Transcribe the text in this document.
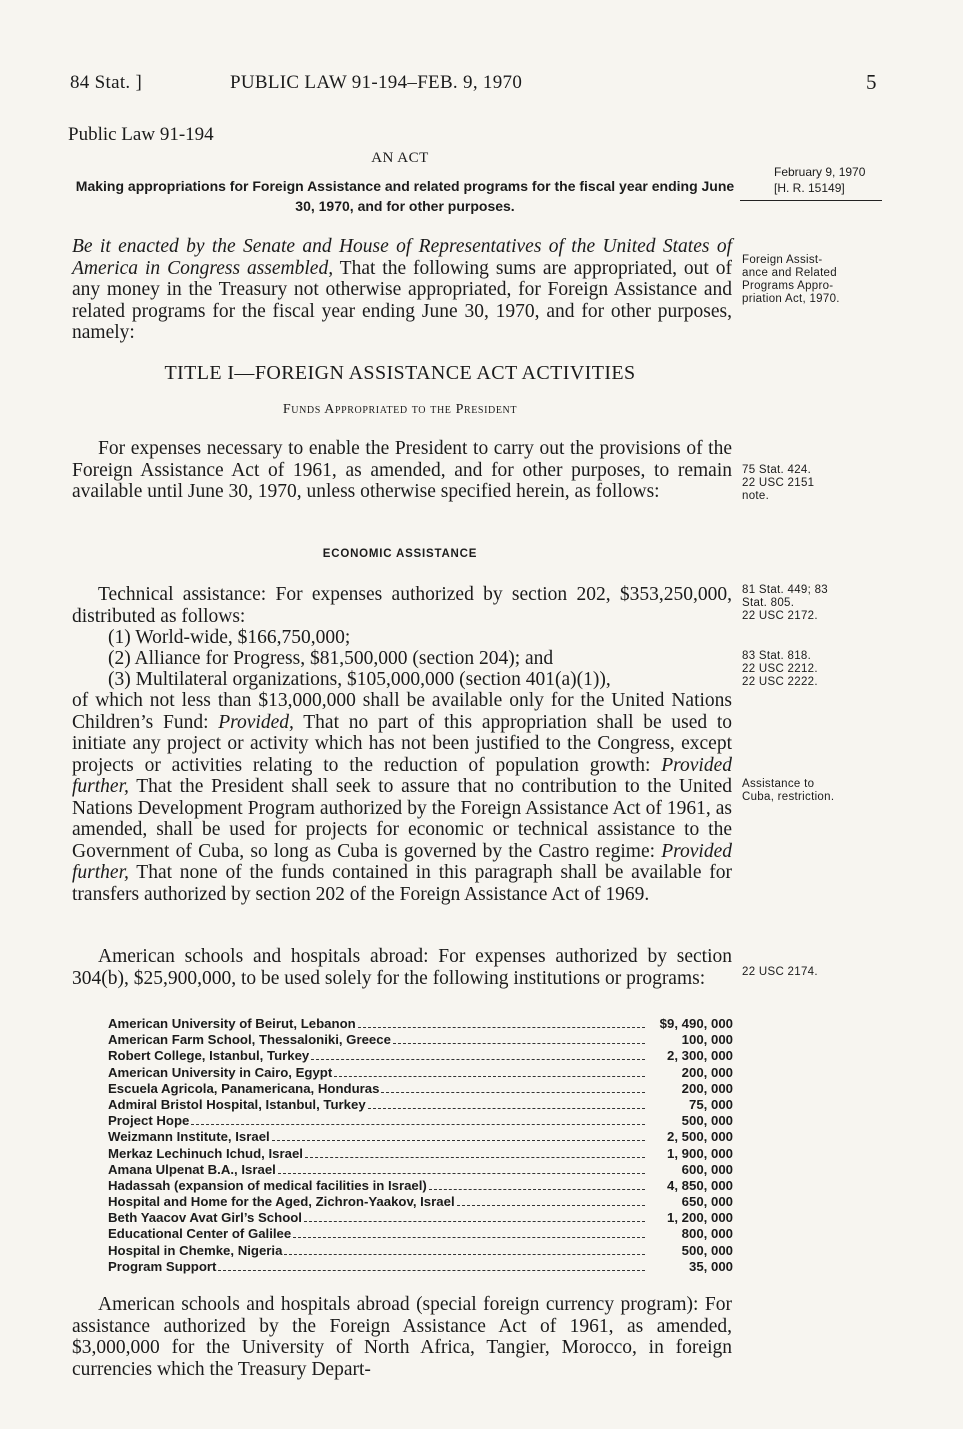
84 Stat. ]	PUBLIC LAW 91-194–FEB. 9, 1970	5
Public Law 91-194
AN ACT
Making appropriations for Foreign Assistance and related programs for the fiscal year ending June 30, 1970, and for other purposes.
February 9, 1970
[H. R. 15149]
Be it enacted by the Senate and House of Representatives of the United States of America in Congress assembled, That the following sums are appropriated, out of any money in the Treasury not otherwise appropriated, for Foreign Assistance and related programs for the fiscal year ending June 30, 1970, and for other purposes, namely:
Foreign Assist-
ance and Related
Programs Appro-
priation Act, 1970.
TITLE I—FOREIGN ASSISTANCE ACT ACTIVITIES
Funds Appropriated to the President
For expenses necessary to enable the President to carry out the provisions of the Foreign Assistance Act of 1961, as amended, and for other purposes, to remain available until June 30, 1970, unless otherwise specified herein, as follows:
75 Stat. 424.
22 USC 2151
note.
ECONOMIC ASSISTANCE
Technical assistance: For expenses authorized by section 202, $353,250,000, distributed as follows:
81 Stat. 449; 83
Stat. 805.
22 USC 2172.
(1) World-wide, $166,750,000;
(2) Alliance for Progress, $81,500,000 (section 204); and
(3) Multilateral organizations, $105,000,000 (section 401(a)(1)),
83 Stat. 818.
22 USC 2212.
22 USC 2222.
of which not less than $13,000,000 shall be available only for the United Nations Children’s Fund: Provided, That no part of this appropriation shall be used to initiate any project or activity which has not been justified to the Congress, except projects or activities relating to the reduction of population growth: Provided further, That the President shall seek to assure that no contribution to the United Nations Development Program authorized by the Foreign Assistance Act of 1961, as amended, shall be used for projects for economic or technical assistance to the Government of Cuba, so long as Cuba is governed by the Castro regime: Provided further, That none of the funds contained in this paragraph shall be available for transfers authorized by section 202 of the Foreign Assistance Act of 1969.
Assistance to
Cuba, restriction.
American schools and hospitals abroad: For expenses authorized by section 304(b), $25,900,000, to be used solely for the following institutions or programs:	22 USC 2174.
American University of Beirut, Lebanon	$9, 490, 000
American Farm School, Thessaloniki, Greece	100, 000
Robert College, Istanbul, Turkey	2, 300, 000
American University in Cairo, Egypt	200, 000
Escuela Agricola, Panamericana, Honduras	200, 000
Admiral Bristol Hospital, Istanbul, Turkey	75, 000
Project Hope	500, 000
Weizmann Institute, Israel	2, 500, 000
Merkaz Lechinuch Ichud, Israel	1, 900, 000
Amana Ulpenat B.A., Israel	600, 000
Hadassah (expansion of medical facilities in Israel)	4, 850, 000
Hospital and Home for the Aged, Zichron-Yaakov, Israel	650, 000
Beth Yaacov Avat Girl’s School	1, 200, 000
Educational Center of Galilee	800, 000
Hospital in Chemke, Nigeria	500, 000
Program Support	35, 000
American schools and hospitals abroad (special foreign currency program): For assistance authorized by the Foreign Assistance Act of 1961, as amended, $3,000,000 for the University of North Africa, Tangier, Morocco, in foreign currencies which the Treasury Depart-
